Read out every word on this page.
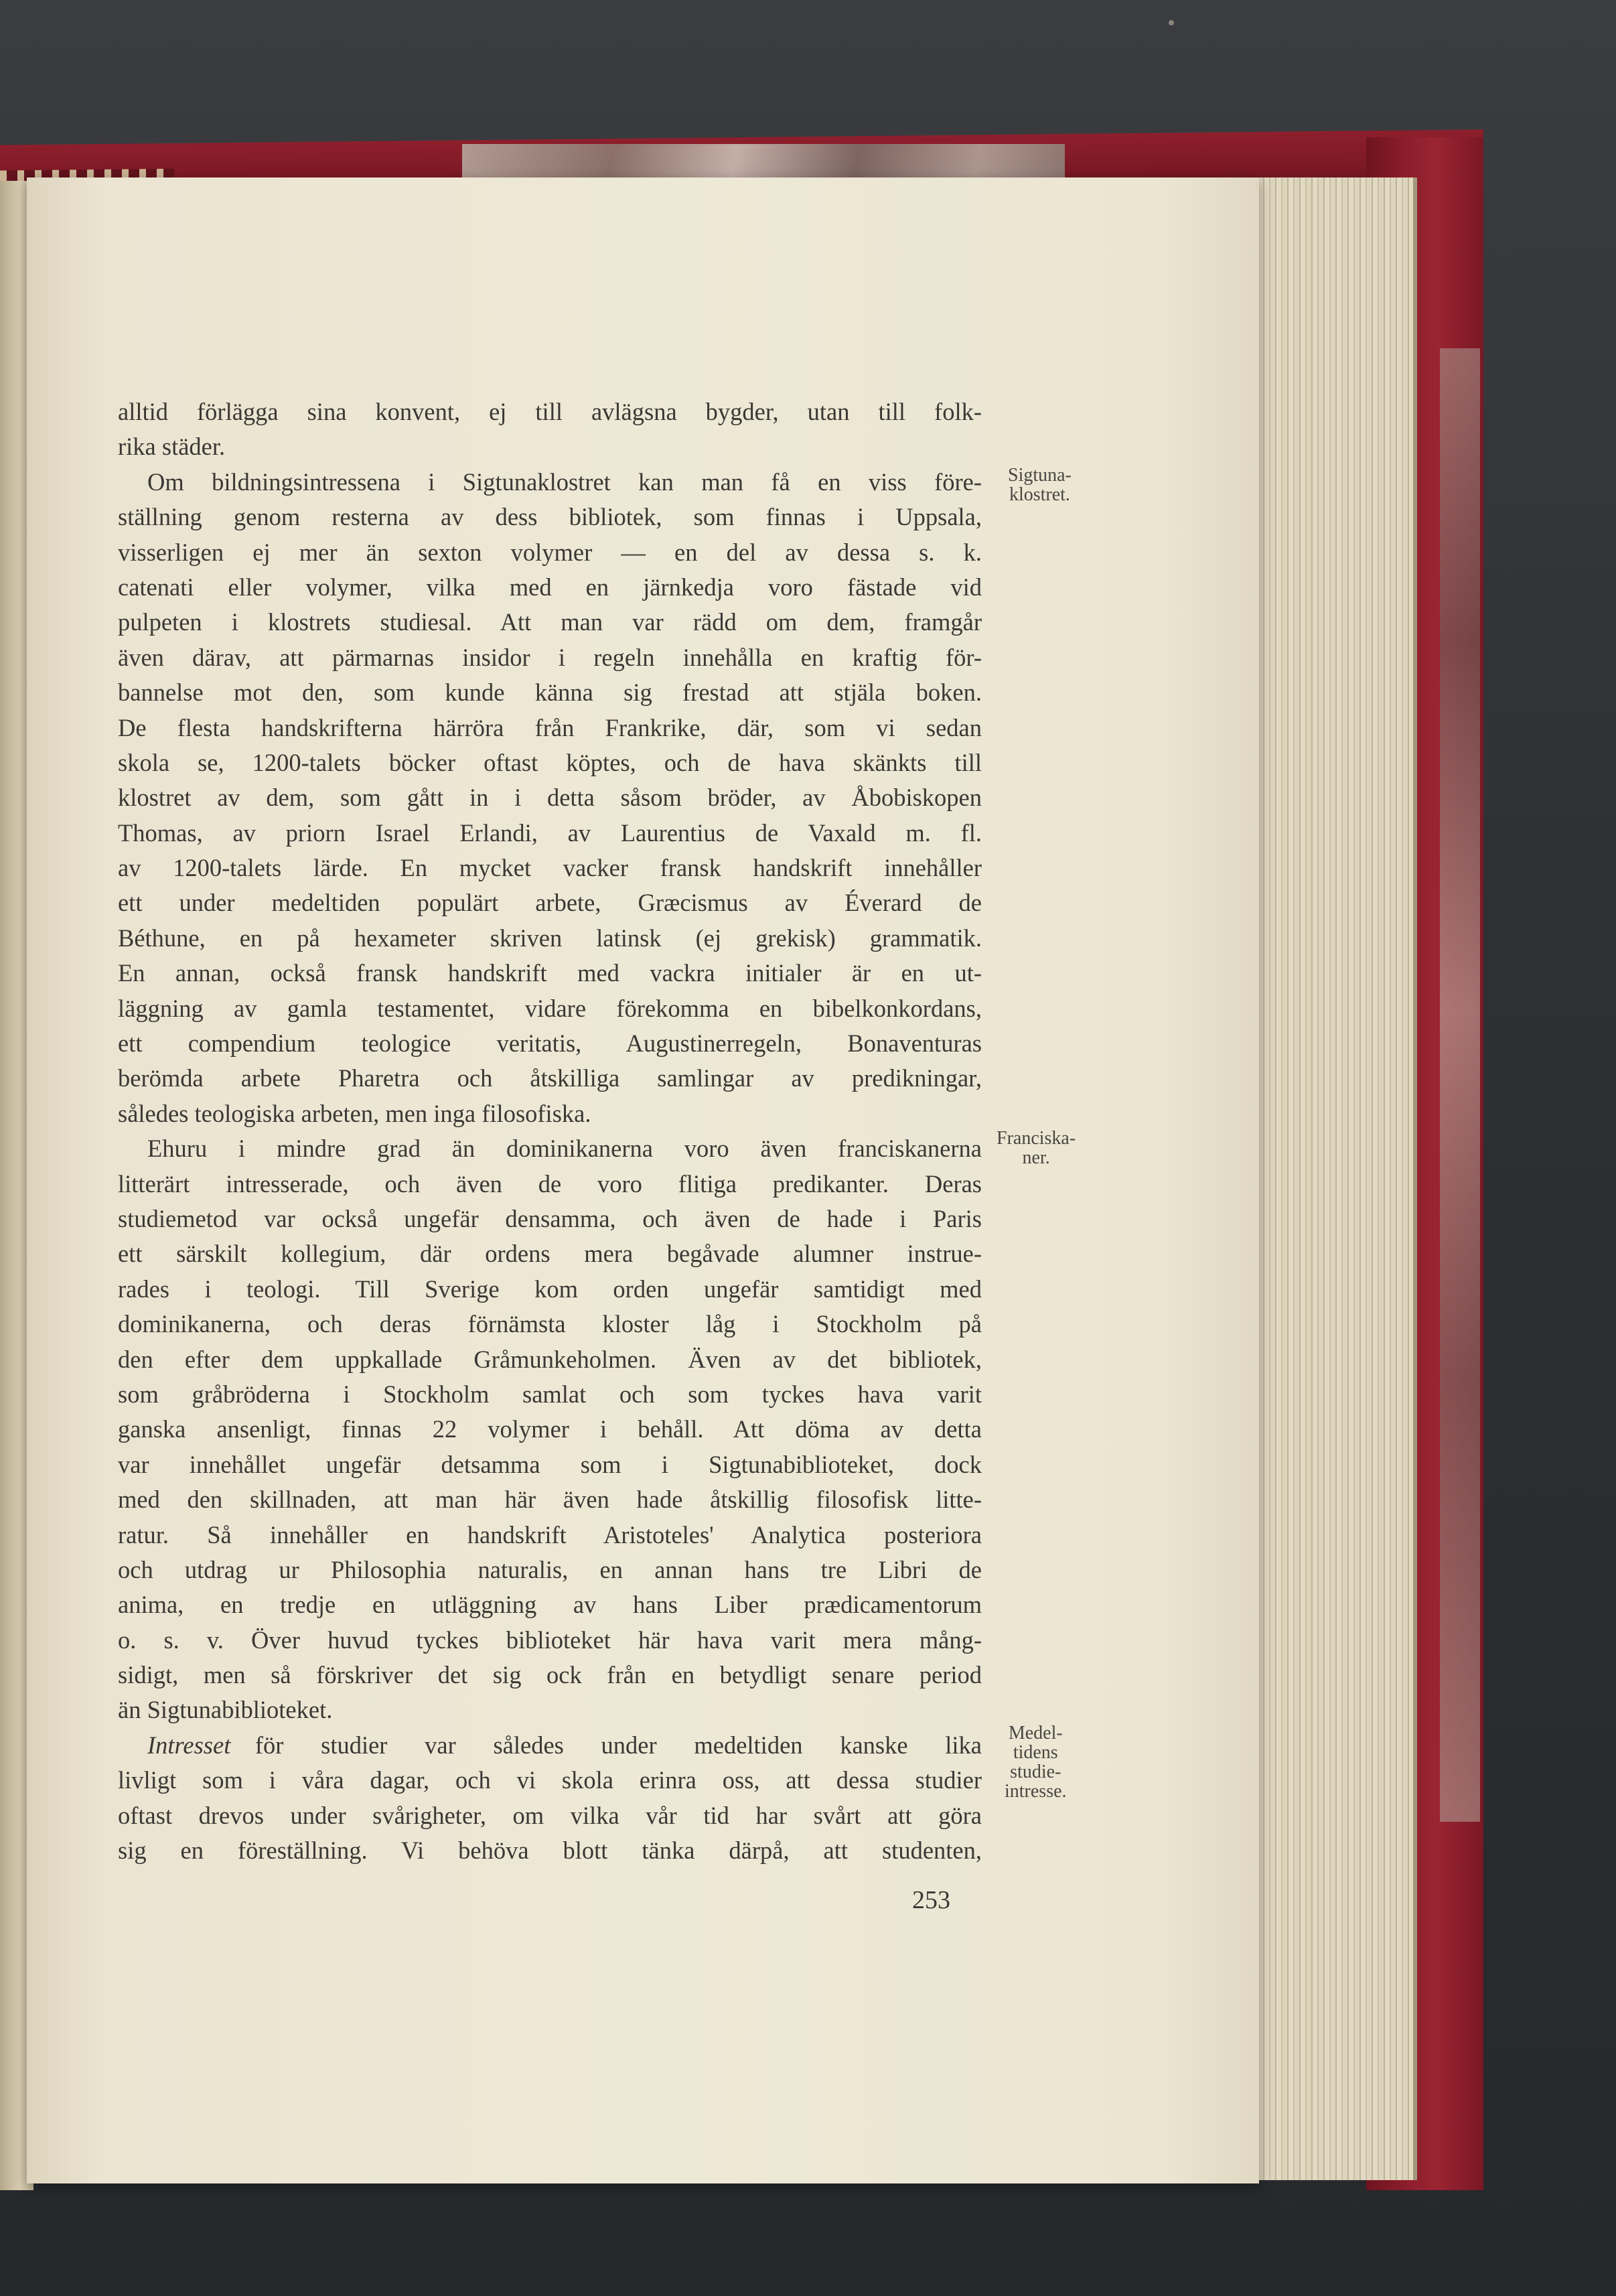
alltid förlägga sina konvent, ej till avlägsna bygder, utan till folk-
rika städer.
Om bildningsintressena i Sigtunaklostret kan man få en viss före-
ställning genom resterna av dess bibliotek, som finnas i Uppsala,
visserligen ej mer än sexton volymer — en del av dessa s. k.
catenati eller volymer, vilka med en järnkedja voro fästade vid
pulpeten i klostrets studiesal. Att man var rädd om dem, framgår
även därav, att pärmarnas insidor i regeln innehålla en kraftig för-
bannelse mot den, som kunde känna sig frestad att stjäla boken.
De flesta handskrifterna härröra från Frankrike, där, som vi sedan
skola se, 1200-talets böcker oftast köptes, och de hava skänkts till
klostret av dem, som gått in i detta såsom bröder, av Åbobiskopen
Thomas, av priorn Israel Erlandi, av Laurentius de Vaxald m. fl.
av 1200-talets lärde. En mycket vacker fransk handskrift innehåller
ett under medeltiden populärt arbete, Græcismus av Éverard de
Béthune, en på hexameter skriven latinsk (ej grekisk) grammatik.
En annan, också fransk handskrift med vackra initialer är en ut-
läggning av gamla testamentet, vidare förekomma en bibelkonkordans,
ett compendium teologice veritatis, Augustinerregeln, Bonaventuras
berömda arbete Pharetra och åtskilliga samlingar av predikningar,
således teologiska arbeten, men inga filosofiska.
Ehuru i mindre grad än dominikanerna voro även franciskanerna
litterärt intresserade, och även de voro flitiga predikanter. Deras
studiemetod var också ungefär densamma, och även de hade i Paris
ett särskilt kollegium, där ordens mera begåvade alumner instrue-
rades i teologi. Till Sverige kom orden ungefär samtidigt med
dominikanerna, och deras förnämsta kloster låg i Stockholm på
den efter dem uppkallade Gråmunkeholmen. Även av det bibliotek,
som gråbröderna i Stockholm samlat och som tyckes hava varit
ganska ansenligt, finnas 22 volymer i behåll. Att döma av detta
var innehållet ungefär detsamma som i Sigtunabiblioteket, dock
med den skillnaden, att man här även hade åtskillig filosofisk litte-
ratur. Så innehåller en handskrift Aristoteles' Analytica posteriora
och utdrag ur Philosophia naturalis, en annan hans tre Libri de
anima, en tredje en utläggning av hans Liber prædicamentorum
o. s. v. Över huvud tyckes biblioteket här hava varit mera mång-
sidigt, men så förskriver det sig ock från en betydligt senare period
än Sigtunabiblioteket.
Intresset  för studier var således under medeltiden kanske lika
livligt som i våra dagar, och vi skola erinra oss, att dessa studier
oftast drevos under svårigheter, om vilka vår tid har svårt att göra
sig en föreställning. Vi behöva blott tänka därpå, att studenten,
Sigtuna-
klostret.
Franciska-
ner.
Medel-
tidens
studie-
intresse.
253
